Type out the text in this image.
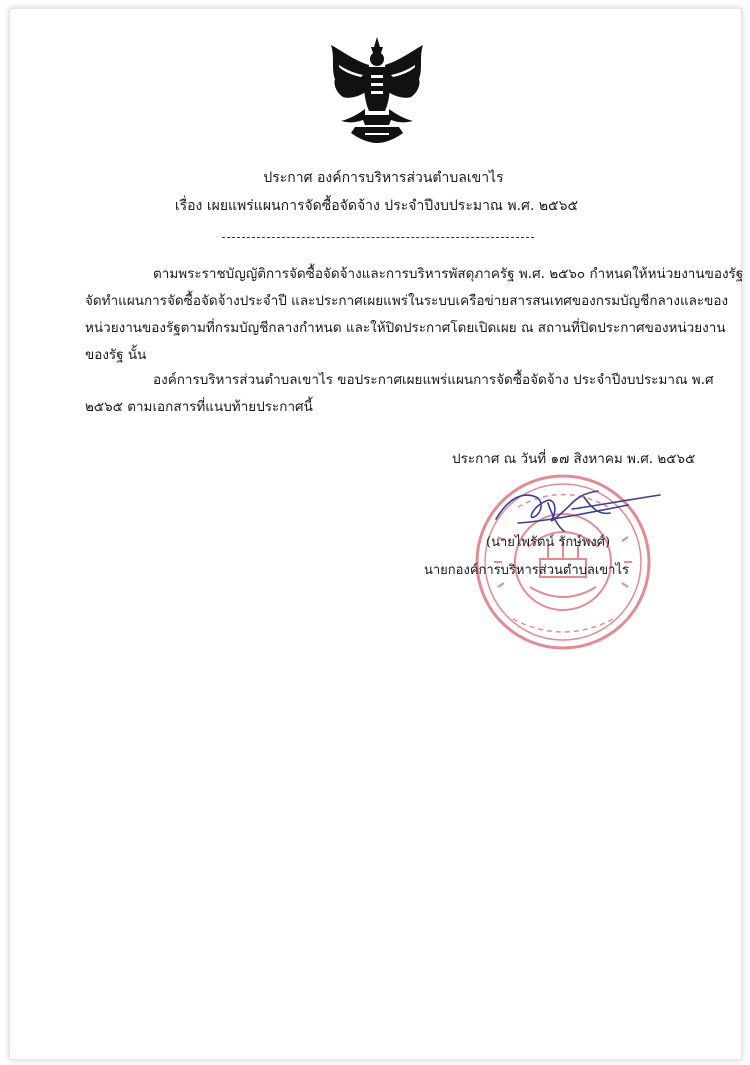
ประกาศ องค์การบริหารส่วนตำบลเขาไร
เรื่อง เผยแพร่แผนการจัดซื้อจัดจ้าง ประจำปีงบประมาณ พ.ศ. ๒๕๖๕
ตามพระราชบัญญัติการจัดซื้อจัดจ้างและการบริหารพัสดุภาครัฐ พ.ศ. ๒๕๖๐ กำหนดให้หน่วยงานของรัฐ
จัดทำแผนการจัดซื้อจัดจ้างประจำปี และประกาศเผยแพร่ในระบบเครือข่ายสารสนเทศของกรมบัญชีกลางและของ
หน่วยงานของรัฐตามที่กรมบัญชีกลางกำหนด และให้ปิดประกาศโดยเปิดเผย ณ สถานที่ปิดประกาศของหน่วยงาน
ของรัฐ นั้น
องค์การบริหารส่วนตำบลเขาไร ขอประกาศเผยแพร่แผนการจัดซื้อจัดจ้าง ประจำปีงบประมาณ พ.ศ
๒๕๖๕ ตามเอกสารที่แนบท้ายประกาศนี้
ประกาศ ณ วันที่ ๑๗ สิงหาคม พ.ศ. ๒๕๖๕
(นายไพรัตน์ รักษ์พงศ์)
นายกองค์การบริหารส่วนตำบลเขาไร
